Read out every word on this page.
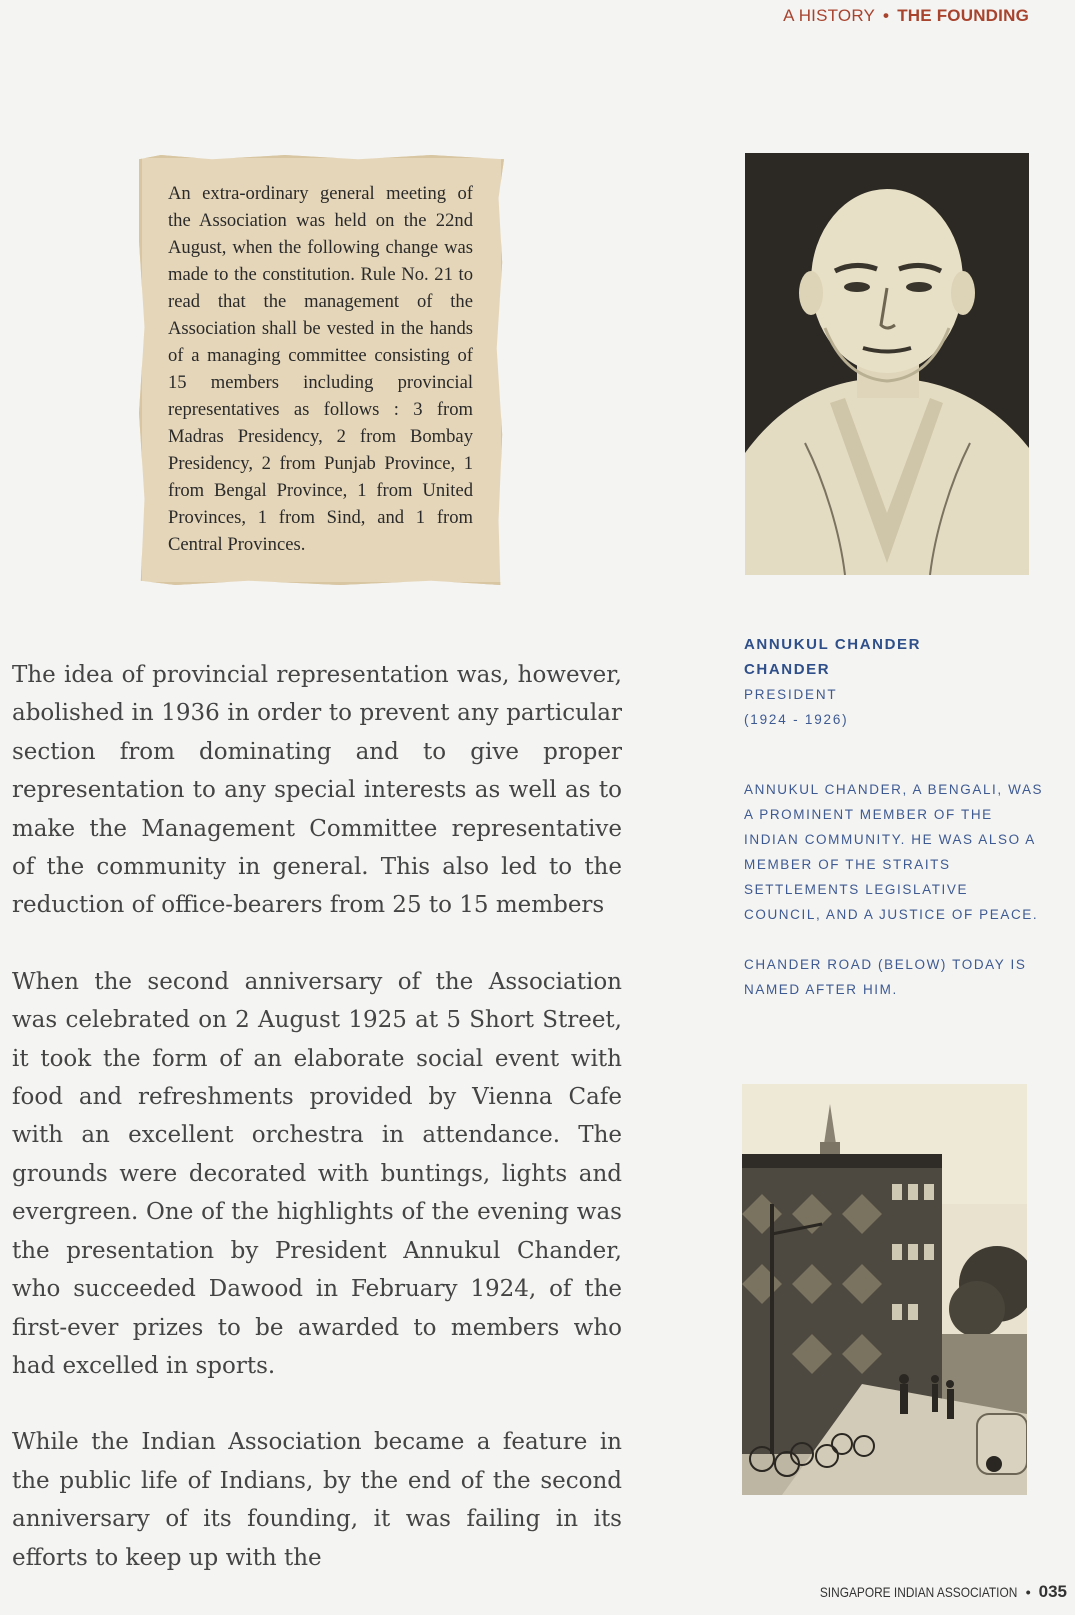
A HISTORY • THE FOUNDING
An extra-ordinary general meeting of the Association was held on the 22nd August, when the following change was made to the constitution. Rule No. 21 to read that the management of the Association shall be vested in the hands of a managing committee consisting of 15 members including provincial representatives as follows : 3 from Madras Presidency, 2 from Bombay Presidency, 2 from Punjab Province, 1 from Bengal Province, 1 from United Provinces, 1 from Sind, and 1 from Central Provinces.
ANNUKUL CHANDER
CHANDER
PRESIDENT
(1924 - 1926)

ANNUKUL CHANDER, A BENGALI, WAS A PROMINENT MEMBER OF THE INDIAN COMMUNITY. HE WAS ALSO A MEMBER OF THE STRAITS SETTLEMENTS LEGISLATIVE COUNCIL, AND A JUSTICE OF PEACE.

CHANDER ROAD (BELOW) TODAY IS NAMED AFTER HIM.

The idea of provincial representation was, however, abolished in 1936 in order to prevent any particular section from dominating and to give proper representation to any special interests as well as to make the Management Committee representative of the community in general. This also led to the reduction of office-bearers from 25 to 15 members

When the second anniversary of the Association was celebrated on 2 August 1925 at 5 Short Street, it took the form of an elaborate social event with food and refreshments provided by Vienna Cafe with an excellent orchestra in attendance. The grounds were decorated with buntings, lights and evergreen. One of the highlights of the evening was the presentation by President Annukul Chander, who succeeded Dawood in February 1924, of the first-ever prizes to be awarded to members who had excelled in sports.

While the Indian Association became a feature in the public life of Indians, by the end of the second anniversary of its founding, it was failing in its efforts to keep up with the

SINGAPORE INDIAN ASSOCIATION • 035
